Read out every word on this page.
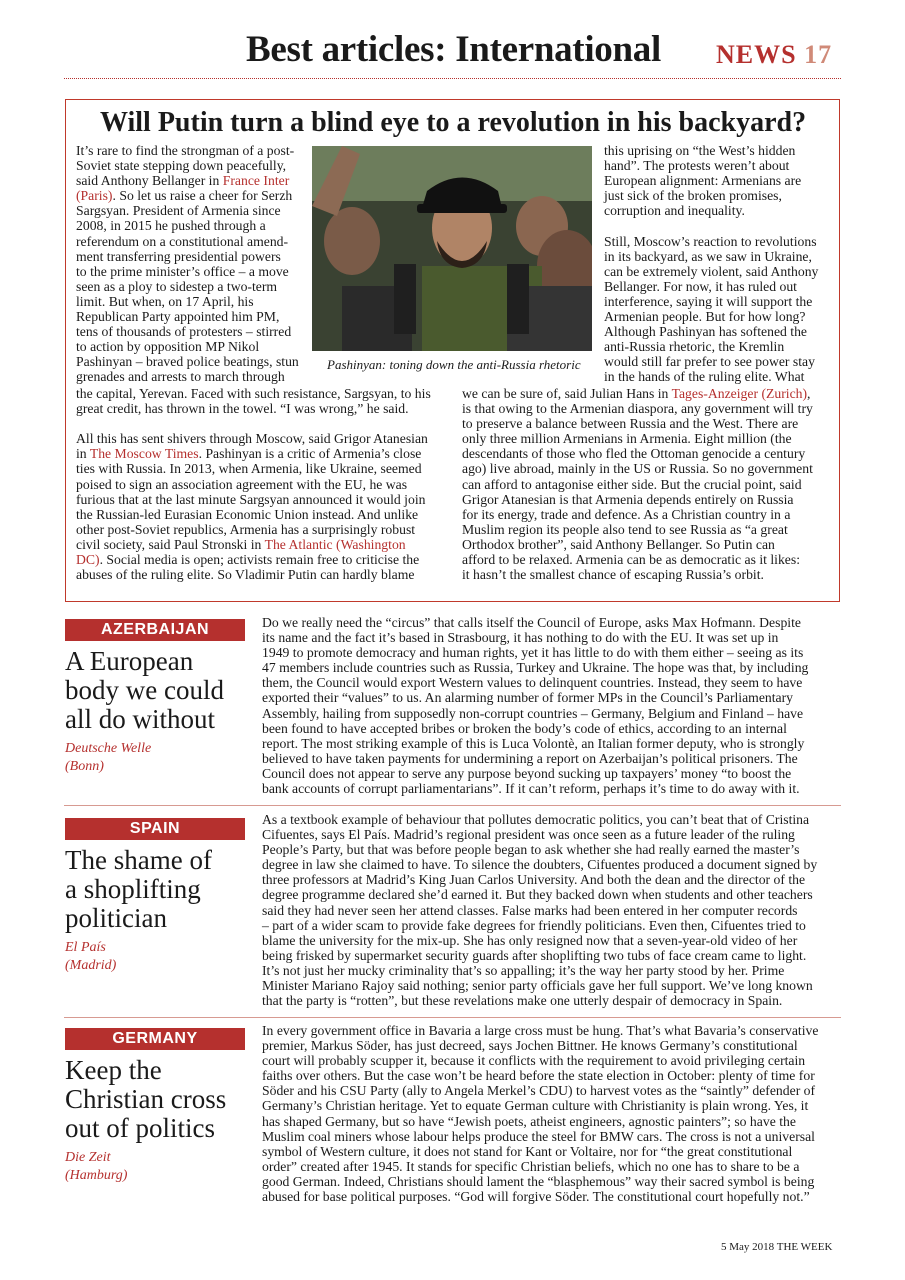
Best articles: International NEWS 17
Will Putin turn a blind eye to a revolution in his backyard?
It’s rare to find the strongman of a post-
Soviet state stepping down peacefully,
said Anthony Bellanger in France Inter
(Paris). So let us raise a cheer for Serzh
Sargsyan. President of Armenia since
2008, in 2015 he pushed through a
referendum on a constitutional amend-
ment transferring presidential powers
to the prime minister’s office – a move
seen as a ploy to sidestep a two-term
limit. But when, on 17 April, his
Republican Party appointed him PM,
tens of thousands of protesters – stirred
to action by opposition MP Nikol
Pashinyan – braved police beatings, stun
grenades and arrests to march through
Pashinyan: toning down the anti-Russia rhetoric
this uprising on “the West’s hidden
hand”. The protests weren’t about
European alignment: Armenians are
just sick of the broken promises,
corruption and inequality.
Still, Moscow’s reaction to revolutions
in its backyard, as we saw in Ukraine,
can be extremely violent, said Anthony
Bellanger. For now, it has ruled out
interference, saying it will support the
Armenian people. But for how long?
Although Pashinyan has softened the
anti-Russia rhetoric, the Kremlin
would still far prefer to see power stay
in the hands of the ruling elite. What
the capital, Yerevan. Faced with such resistance, Sargsyan, to his
great credit, has thrown in the towel. “I was wrong,” he said.
All this has sent shivers through Moscow, said Grigor Atanesian
in The Moscow Times. Pashinyan is a critic of Armenia’s close
ties with Russia. In 2013, when Armenia, like Ukraine, seemed
poised to sign an association agreement with the EU, he was
furious that at the last minute Sargsyan announced it would join
the Russian-led Eurasian Economic Union instead. And unlike
other post-Soviet republics, Armenia has a surprisingly robust
civil society, said Paul Stronski in The Atlantic (Washington
DC). Social media is open; activists remain free to criticise the
abuses of the ruling elite. So Vladimir Putin can hardly blame
we can be sure of, said Julian Hans in Tages-Anzeiger (Zurich),
is that owing to the Armenian diaspora, any government will try
to preserve a balance between Russia and the West. There are
only three million Armenians in Armenia. Eight million (the
descendants of those who fled the Ottoman genocide a century
ago) live abroad, mainly in the US or Russia. So no government
can afford to antagonise either side. But the crucial point, said
Grigor Atanesian is that Armenia depends entirely on Russia
for its energy, trade and defence. As a Christian country in a
Muslim region its people also tend to see Russia as “a great
Orthodox brother”, said Anthony Bellanger. So Putin can
afford to be relaxed. Armenia can be as democratic as it likes:
it hasn’t the smallest chance of escaping Russia’s orbit.
AZERBAIJAN
A European
body we could
all do without
Deutsche Welle
(Bonn)
Do we really need the “circus” that calls itself the Council of Europe, asks Max Hofmann. Despite
its name and the fact it’s based in Strasbourg, it has nothing to do with the EU. It was set up in
1949 to promote democracy and human rights, yet it has little to do with them either – seeing as its
47 members include countries such as Russia, Turkey and Ukraine. The hope was that, by including
them, the Council would export Western values to delinquent countries. Instead, they seem to have
exported their “values” to us. An alarming number of former MPs in the Council’s Parliamentary
Assembly, hailing from supposedly non-corrupt countries – Germany, Belgium and Finland – have
been found to have accepted bribes or broken the body’s code of ethics, according to an internal
report. The most striking example of this is Luca Volontè, an Italian former deputy, who is strongly
believed to have taken payments for undermining a report on Azerbaijan’s political prisoners. The
Council does not appear to serve any purpose beyond sucking up taxpayers’ money “to boost the
bank accounts of corrupt parliamentarians”. If it can’t reform, perhaps it’s time to do away with it.
SPAIN
The shame of
a shoplifting
politician
El País
(Madrid)
As a textbook example of behaviour that pollutes democratic politics, you can’t beat that of Cristina
Cifuentes, says El País. Madrid’s regional president was once seen as a future leader of the ruling
People’s Party, but that was before people began to ask whether she had really earned the master’s
degree in law she claimed to have. To silence the doubters, Cifuentes produced a document signed by
three professors at Madrid’s King Juan Carlos University. And both the dean and the director of the
degree programme declared she’d earned it. But they backed down when students and other teachers
said they had never seen her attend classes. False marks had been entered in her computer records
– part of a wider scam to provide fake degrees for friendly politicians. Even then, Cifuentes tried to
blame the university for the mix-up. She has only resigned now that a seven-year-old video of her
being frisked by supermarket security guards after shoplifting two tubs of face cream came to light.
It’s not just her mucky criminality that’s so appalling; it’s the way her party stood by her. Prime
Minister Mariano Rajoy said nothing; senior party officials gave her full support. We’ve long known
that the party is “rotten”, but these revelations make one utterly despair of democracy in Spain.
GERMANY
Keep the
Christian cross
out of politics
Die Zeit
(Hamburg)
In every government office in Bavaria a large cross must be hung. That’s what Bavaria’s conservative
premier, Markus Söder, has just decreed, says Jochen Bittner. He knows Germany’s constitutional
court will probably scupper it, because it conflicts with the requirement to avoid privileging certain
faiths over others. But the case won’t be heard before the state election in October: plenty of time for
Söder and his CSU Party (ally to Angela Merkel’s CDU) to harvest votes as the “saintly” defender of
Germany’s Christian heritage. Yet to equate German culture with Christianity is plain wrong. Yes, it
has shaped Germany, but so have “Jewish poets, atheist engineers, agnostic painters”; so have the
Muslim coal miners whose labour helps produce the steel for BMW cars. The cross is not a universal
symbol of Western culture, it does not stand for Kant or Voltaire, nor for “the great constitutional
order” created after 1945. It stands for specific Christian beliefs, which no one has to share to be a
good German. Indeed, Christians should lament the “blasphemous” way their sacred symbol is being
abused for base political purposes. “God will forgive Söder. The constitutional court hopefully not.”
5 May 2018 THE WEEK
